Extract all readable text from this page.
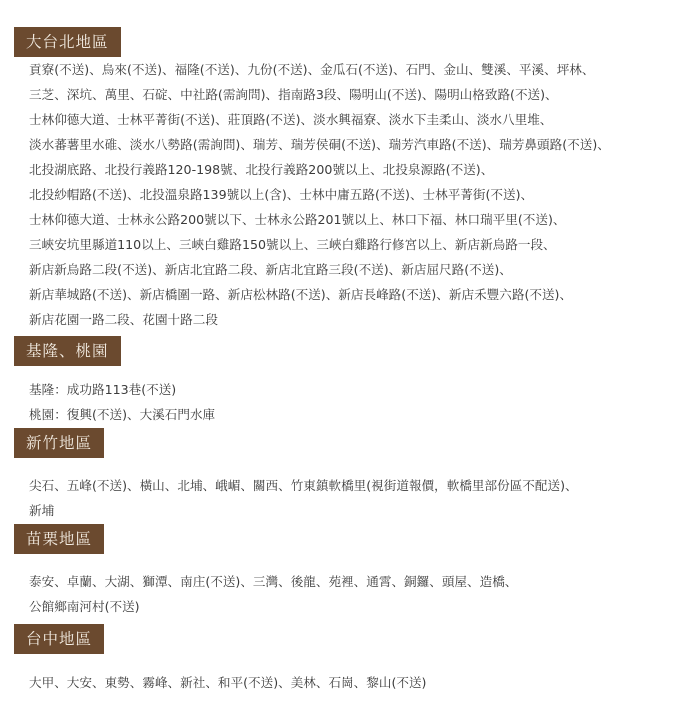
大台北地區
貢寮(不送)、烏來(不送)、福隆(不送)、九份(不送)、金瓜石(不送)、石門、金山、雙溪、平溪、坪林、
三芝、深坑、萬里、石碇、中社路(需詢問)、指南路3段、陽明山(不送)、陽明山格致路(不送)、
士林仰德大道、士林平菁街(不送)、莊頂路(不送)、淡水興福寮、淡水下圭柔山、淡水八里堆、
淡水蕃薯里水碓、淡水八勢路(需詢問)、瑞芳、瑞芳侯硐(不送)、瑞芳汽車路(不送)、瑞芳鼻頭路(不送)、
北投湖底路、北投行義路120-198號、北投行義路200號以上、北投泉源路(不送)、
北投紗帽路(不送)、北投溫泉路139號以上(含)、士林中庸五路(不送)、士林平菁街(不送)、
士林仰德大道、士林永公路200號以下、士林永公路201號以上、林口下福、林口瑞平里(不送)、
三峽安坑里縣道110以上、三峽白雞路150號以上、三峽白雞路行修宮以上、新店新烏路一段、
新店新烏路二段(不送)、新店北宜路二段、新店北宜路三段(不送)、新店屈尺路(不送)、
新店華城路(不送)、新店橋圍一路、新店松林路(不送)、新店長峰路(不送)、新店禾豐六路(不送)、
新店花園一路二段、花園十路二段
基隆、桃園
基隆：成功路113巷(不送)
桃園：復興(不送)、大溪石門水庫
新竹地區
尖石、五峰(不送)、橫山、北埔、峨嵋、關西、竹東鎮軟橋里(視街道報價，軟橋里部份區不配送)、
新埔
苗栗地區
泰安、卓蘭、大湖、獅潭、南庄(不送)、三灣、後龍、苑裡、通霄、銅鑼、頭屋、造橋、
公館鄉南河村(不送)
台中地區
大甲、大安、東勢、霧峰、新社、和平(不送)、美林、石崗、黎山(不送)
